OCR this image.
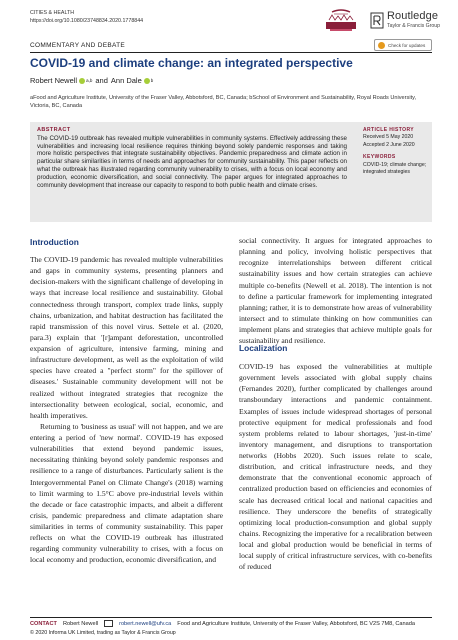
CITIES & HEALTH
https://doi.org/10.1080/23748834.2020.1778844	Routledge
Taylor & Francis Group
COMMENTARY AND DEBATE	Check for updates
COVID-19 and climate change: an integrated perspective
Robert Newell a,b and Ann Dale b
aFood and Agriculture Institute, University of the Fraser Valley, Abbotsford, BC, Canada; bSchool of Environment and Sustainability, Royal Roads University, Victoria, BC, Canada
ABSTRACT
The COVID-19 outbreak has revealed multiple vulnerabilities in community systems. Effectively addressing these vulnerabilities and increasing local resilience requires thinking beyond solely pandemic responses and taking more holistic perspectives that integrate sustainability objectives. Pandemic preparedness and climate action in particular share similarities in terms of needs and approaches for community sustainability. This paper reflects on what the outbreak has illustrated regarding community vulnerability to crises, with a focus on local economy and production, economic diversification, and social connectivity. The paper argues for integrated approaches to community development that increase our capacity to respond to both public health and climate crises.
ARTICLE HISTORY
Received 5 May 2020
Accepted 2 June 2020
KEYWORDS
COVID-19; climate change; integrated strategies
Introduction

The COVID-19 pandemic has revealed multiple vulnerabilities and gaps in community systems, presenting planners and decision-makers with the significant challenge of developing in ways that increase local resilience and sustainability. Global connectedness through transport, complex trade links, supply chains, urbanization, and habitat destruction has facilitated the rapid transmission of this novel virus. Settele et al. (2020, para.3) explain that '[r]ampant deforestation, uncontrolled expansion of agriculture, intensive farming, mining and infrastructure development, as well as the exploitation of wild species have created a "perfect storm" for the spillover of diseases.' Sustainable community development will not be realized without integrated strategies that recognize the intersectionality between ecological, social, economic, and health imperatives.

Returning to 'business as usual' will not happen, and we are entering a period of 'new normal'. COVID-19 has exposed vulnerabilities that extend beyond pandemic issues, necessitating thinking beyond solely pandemic responses and resilience to a range of disturbances. Particularly salient is the Intergovernmental Panel on Climate Change's (2018) warning to limit warming to 1.5°C above pre-industrial levels within the decade or face catastrophic impacts, and albeit a different crisis, pandemic preparedness and climate adaptation share similarities in terms of community sustainability. This paper reflects on what the COVID-19 outbreak has illustrated regarding community vulnerability to crises, with a focus on local economy and production, economic diversification, and

social connectivity. It argues for integrated approaches to planning and policy, involving holistic perspectives that recognize interrelationships between different critical sustainability issues and how certain strategies can achieve multiple co-benefits (Newell et al. 2018). The intention is not to define a particular framework for implementing integrated planning; rather, it is to demonstrate how areas of vulnerability intersect and to stimulate thinking on how communities can implement plans and strategies that achieve multiple goals for sustainability and resilience.

Localization

COVID-19 has exposed the vulnerabilities at multiple government levels associated with global supply chains (Fernandes 2020), further complicated by challenges around transboundary interactions and pandemic containment. Examples of issues include widespread shortages of personal protective equipment for medical professionals and food system problems related to labour shortages, 'just-in-time' inventory management, and disruptions to transportation networks (Hobbs 2020). Such issues relate to scale, distribution, and critical infrastructure needs, and they demonstrate that the conventional economic approach of centralized production based on efficiencies and economies of scale has decreased critical local and national capacities and resilience. They underscore the benefits of strategically optimizing local production-consumption and global supply chains. Recognizing the imperative for a recalibration between local and global production would be beneficial in terms of local supply of critical infrastructure services, with co-benefits of reduced

CONTACT Robert Newell	robert.newell@ufv.ca Food and Agriculture Institute, University of the Fraser Valley, Abbotsford, BC V2S 7M8, Canada
© 2020 Informa UK Limited, trading as Taylor & Francis Group
